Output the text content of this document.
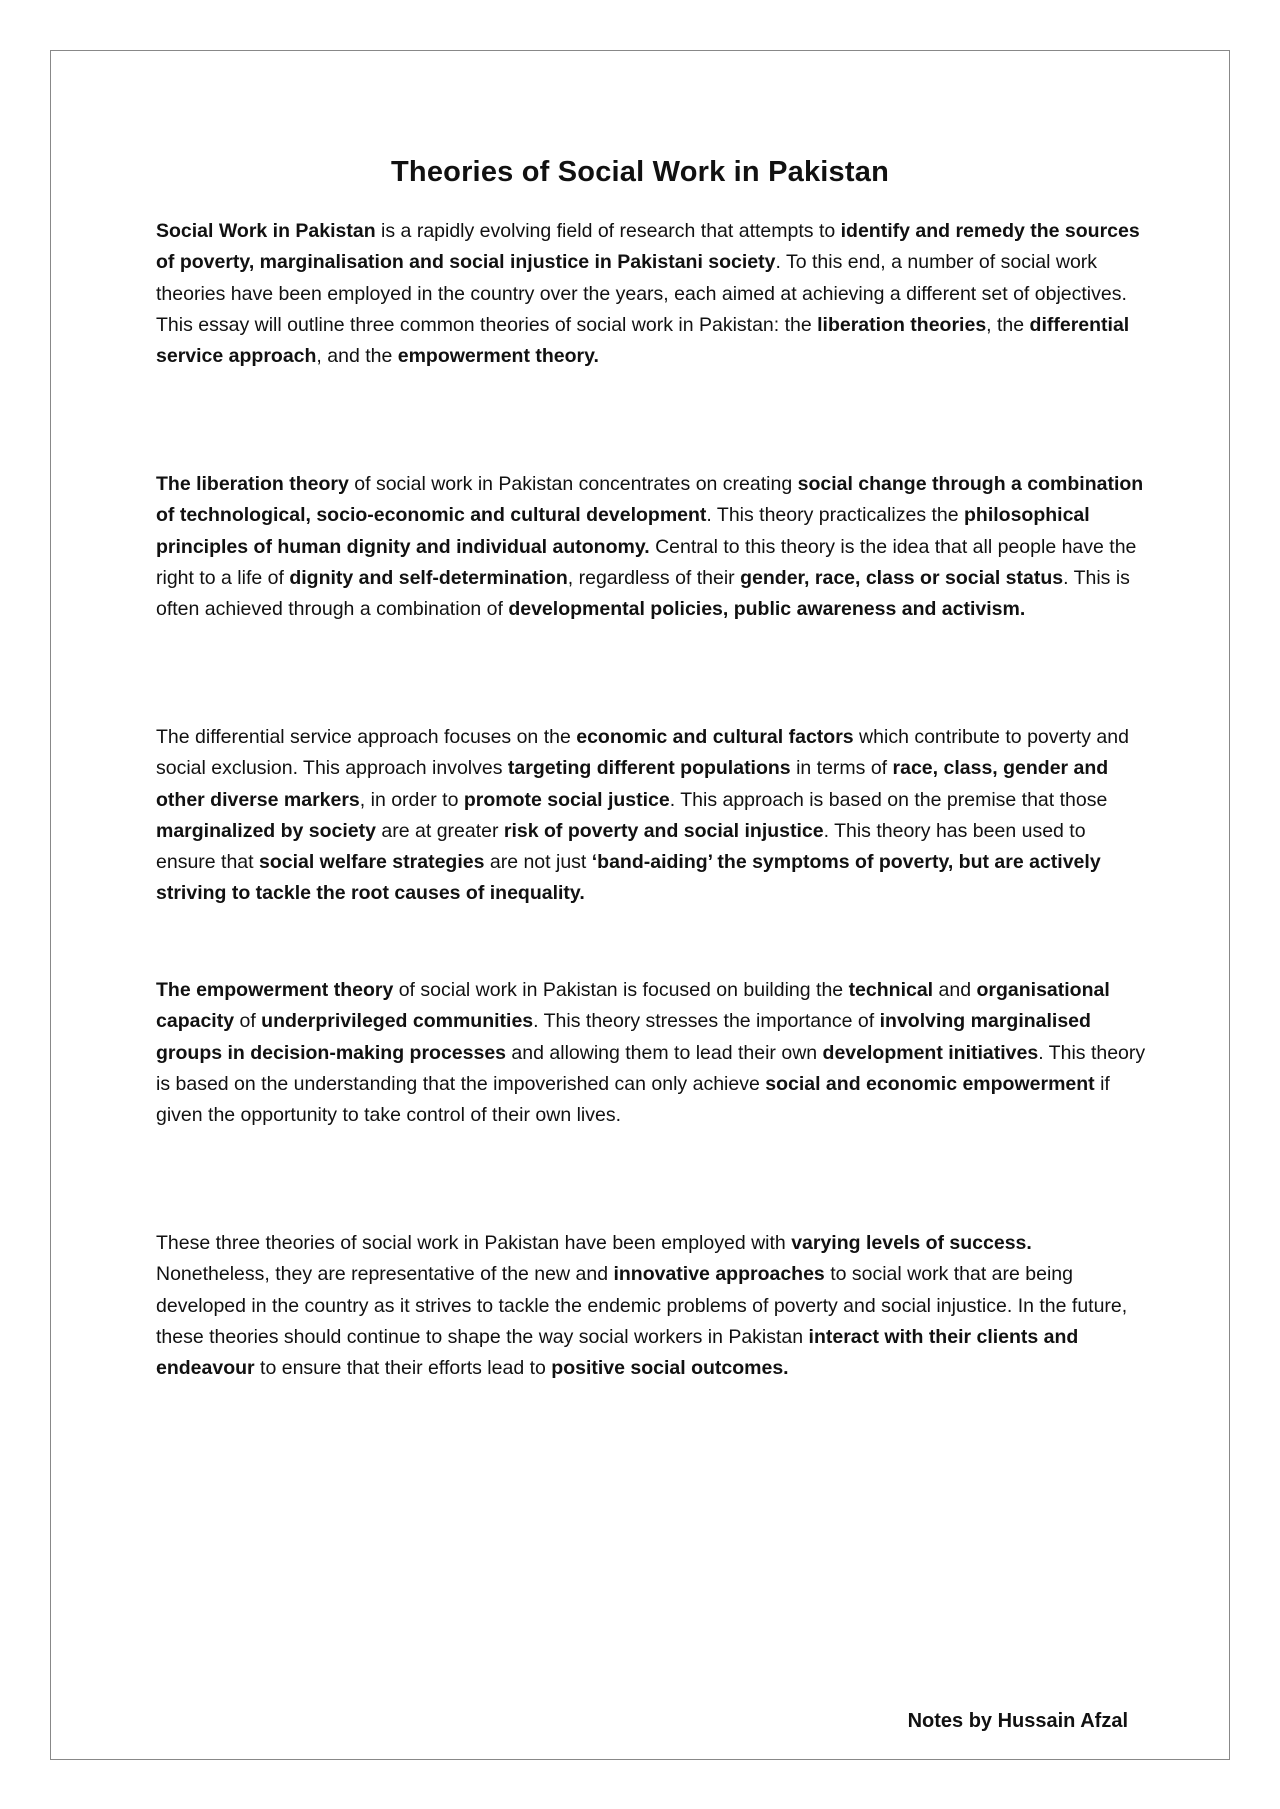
Theories of Social Work in Pakistan

Social Work in Pakistan is a rapidly evolving field of research that attempts to identify and remedy the sources of poverty, marginalisation and social injustice in Pakistani society. To this end, a number of social work theories have been employed in the country over the years, each aimed at achieving a different set of objectives. This essay will outline three common theories of social work in Pakistan: the liberation theories, the differential service approach, and the empowerment theory.

The liberation theory of social work in Pakistan concentrates on creating social change through a combination of technological, socio-economic and cultural development. This theory practicalizes the philosophical principles of human dignity and individual autonomy. Central to this theory is the idea that all people have the right to a life of dignity and self-determination, regardless of their gender, race, class or social status. This is often achieved through a combination of developmental policies, public awareness and activism.

The differential service approach focuses on the economic and cultural factors which contribute to poverty and social exclusion. This approach involves targeting different populations in terms of race, class, gender and other diverse markers, in order to promote social justice. This approach is based on the premise that those marginalized by society are at greater risk of poverty and social injustice. This theory has been used to ensure that social welfare strategies are not just ‘band-aiding’ the symptoms of poverty, but are actively striving to tackle the root causes of inequality.

The empowerment theory of social work in Pakistan is focused on building the technical and organisational capacity of underprivileged communities. This theory stresses the importance of involving marginalised groups in decision-making processes and allowing them to lead their own development initiatives. This theory is based on the understanding that the impoverished can only achieve social and economic empowerment if given the opportunity to take control of their own lives.

These three theories of social work in Pakistan have been employed with varying levels of success. Nonetheless, they are representative of the new and innovative approaches to social work that are being developed in the country as it strives to tackle the endemic problems of poverty and social injustice. In the future, these theories should continue to shape the way social workers in Pakistan interact with their clients and endeavour to ensure that their efforts lead to positive social outcomes.

Notes by Hussain Afzal
